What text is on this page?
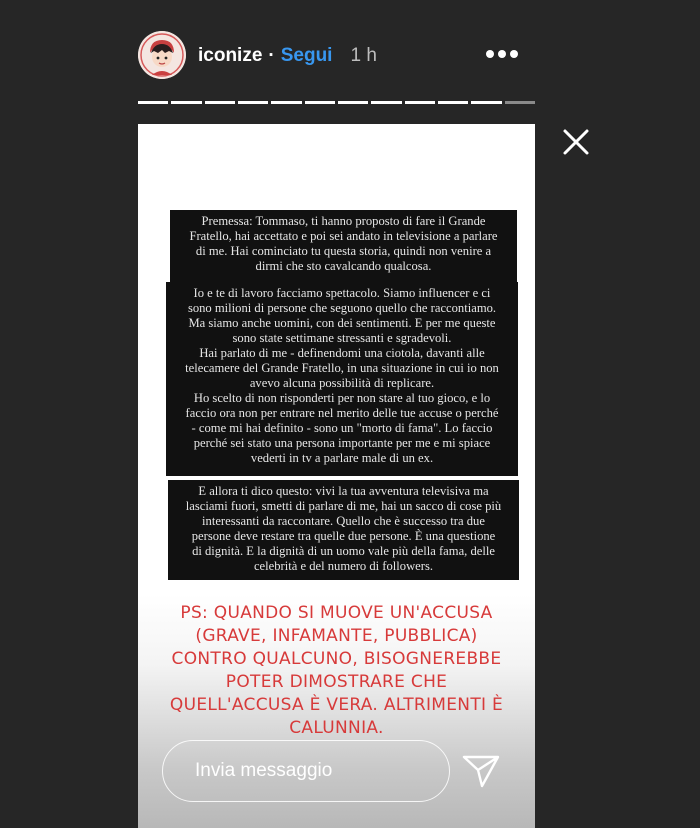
iconize · Segui 1 h
Premessa: Tommaso, ti hanno proposto di fare il Grande
Fratello, hai accettato e poi sei andato in televisione a parlare
di me. Hai cominciato tu questa storia, quindi non venire a
dirmi che sto cavalcando qualcosa.
Io e te di lavoro facciamo spettacolo. Siamo influencer e ci
sono milioni di persone che seguono quello che raccontiamo.
Ma siamo anche uomini, con dei sentimenti. E per me queste
sono state settimane stressanti e sgradevoli.
Hai parlato di me - definendomi una ciotola, davanti alle
telecamere del Grande Fratello, in una situazione in cui io non
avevo alcuna possibilità di replicare.
Ho scelto di non risponderti per non stare al tuo gioco, e lo
faccio ora non per entrare nel merito delle tue accuse o perché
- come mi hai definito - sono un "morto di fama". Lo faccio
perché sei stato una persona importante per me e mi spiace
vederti in tv a parlare male di un ex.
E allora ti dico questo: vivi la tua avventura televisiva ma
lasciami fuori, smetti di parlare di me, hai un sacco di cose più
interessanti da raccontare. Quello che è successo tra due
persone deve restare tra quelle due persone. È una questione
di dignità. E la dignità di un uomo vale più della fama, delle
celebrità e del numero di followers.
PS: QUANDO SI MUOVE UN'ACCUSA
(GRAVE, INFAMANTE, PUBBLICA)
CONTRO QUALCUNO, BISOGNEREBBE
POTER DIMOSTRARE CHE
QUELL'ACCUSA È VERA. ALTRIMENTI È
CALUNNIA.
Invia messaggio
